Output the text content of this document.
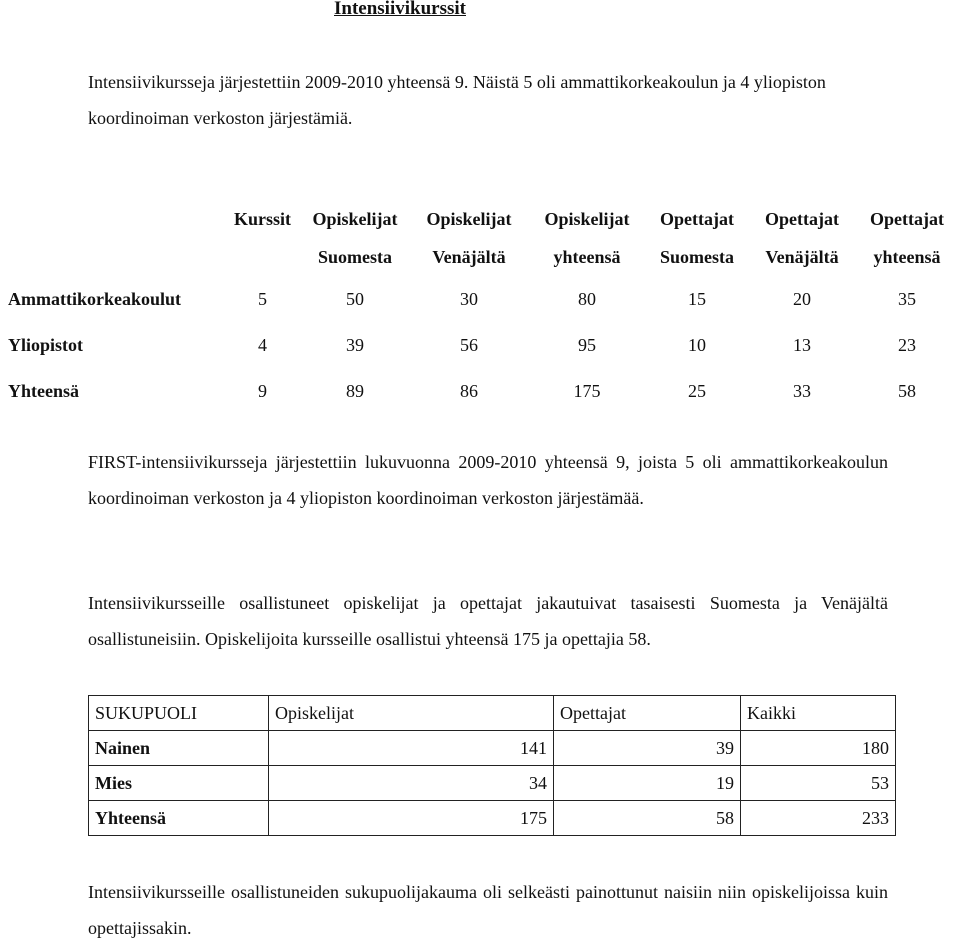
Intensiivikurssit

Intensiivikursseja järjestettiin 2009-2010 yhteensä 9. Näistä 5 oli ammattikorkeakoulun ja 4 yliopiston koordinoiman verkoston järjestämiä.

	Kurssit	Opiskelijat	Opiskelijat	Opiskelijat	Opettajat	Opettajat	Opettajat
		Suomesta	Venäjältä	yhteensä	Suomesta	Venäjältä	yhteensä
Ammattikorkeakoulut	5	50	30	80	15	20	35
Yliopistot	4	39	56	95	10	13	23
Yhteensä	9	89	86	175	25	33	58

FIRST-intensiivikursseja järjestettiin lukuvuonna 2009-2010 yhteensä 9, joista 5 oli ammattikorkeakoulun koordinoiman verkoston ja 4 yliopiston koordinoiman verkoston järjestämää.

Intensiivikursseille osallistuneet opiskelijat ja opettajat jakautuivat tasaisesti Suomesta ja Venäjältä osallistuneisiin. Opiskelijoita kursseille osallistui yhteensä 175 ja opettajia 58.

SUKUPUOLI	Opiskelijat	Opettajat	Kaikki
Nainen	141	39	180
Mies	34	19	53
Yhteensä	175	58	233

Intensiivikursseille osallistuneiden sukupuolijakauma oli selkeästi painottunut naisiin niin opiskelijoissa kuin opettajissakin.
